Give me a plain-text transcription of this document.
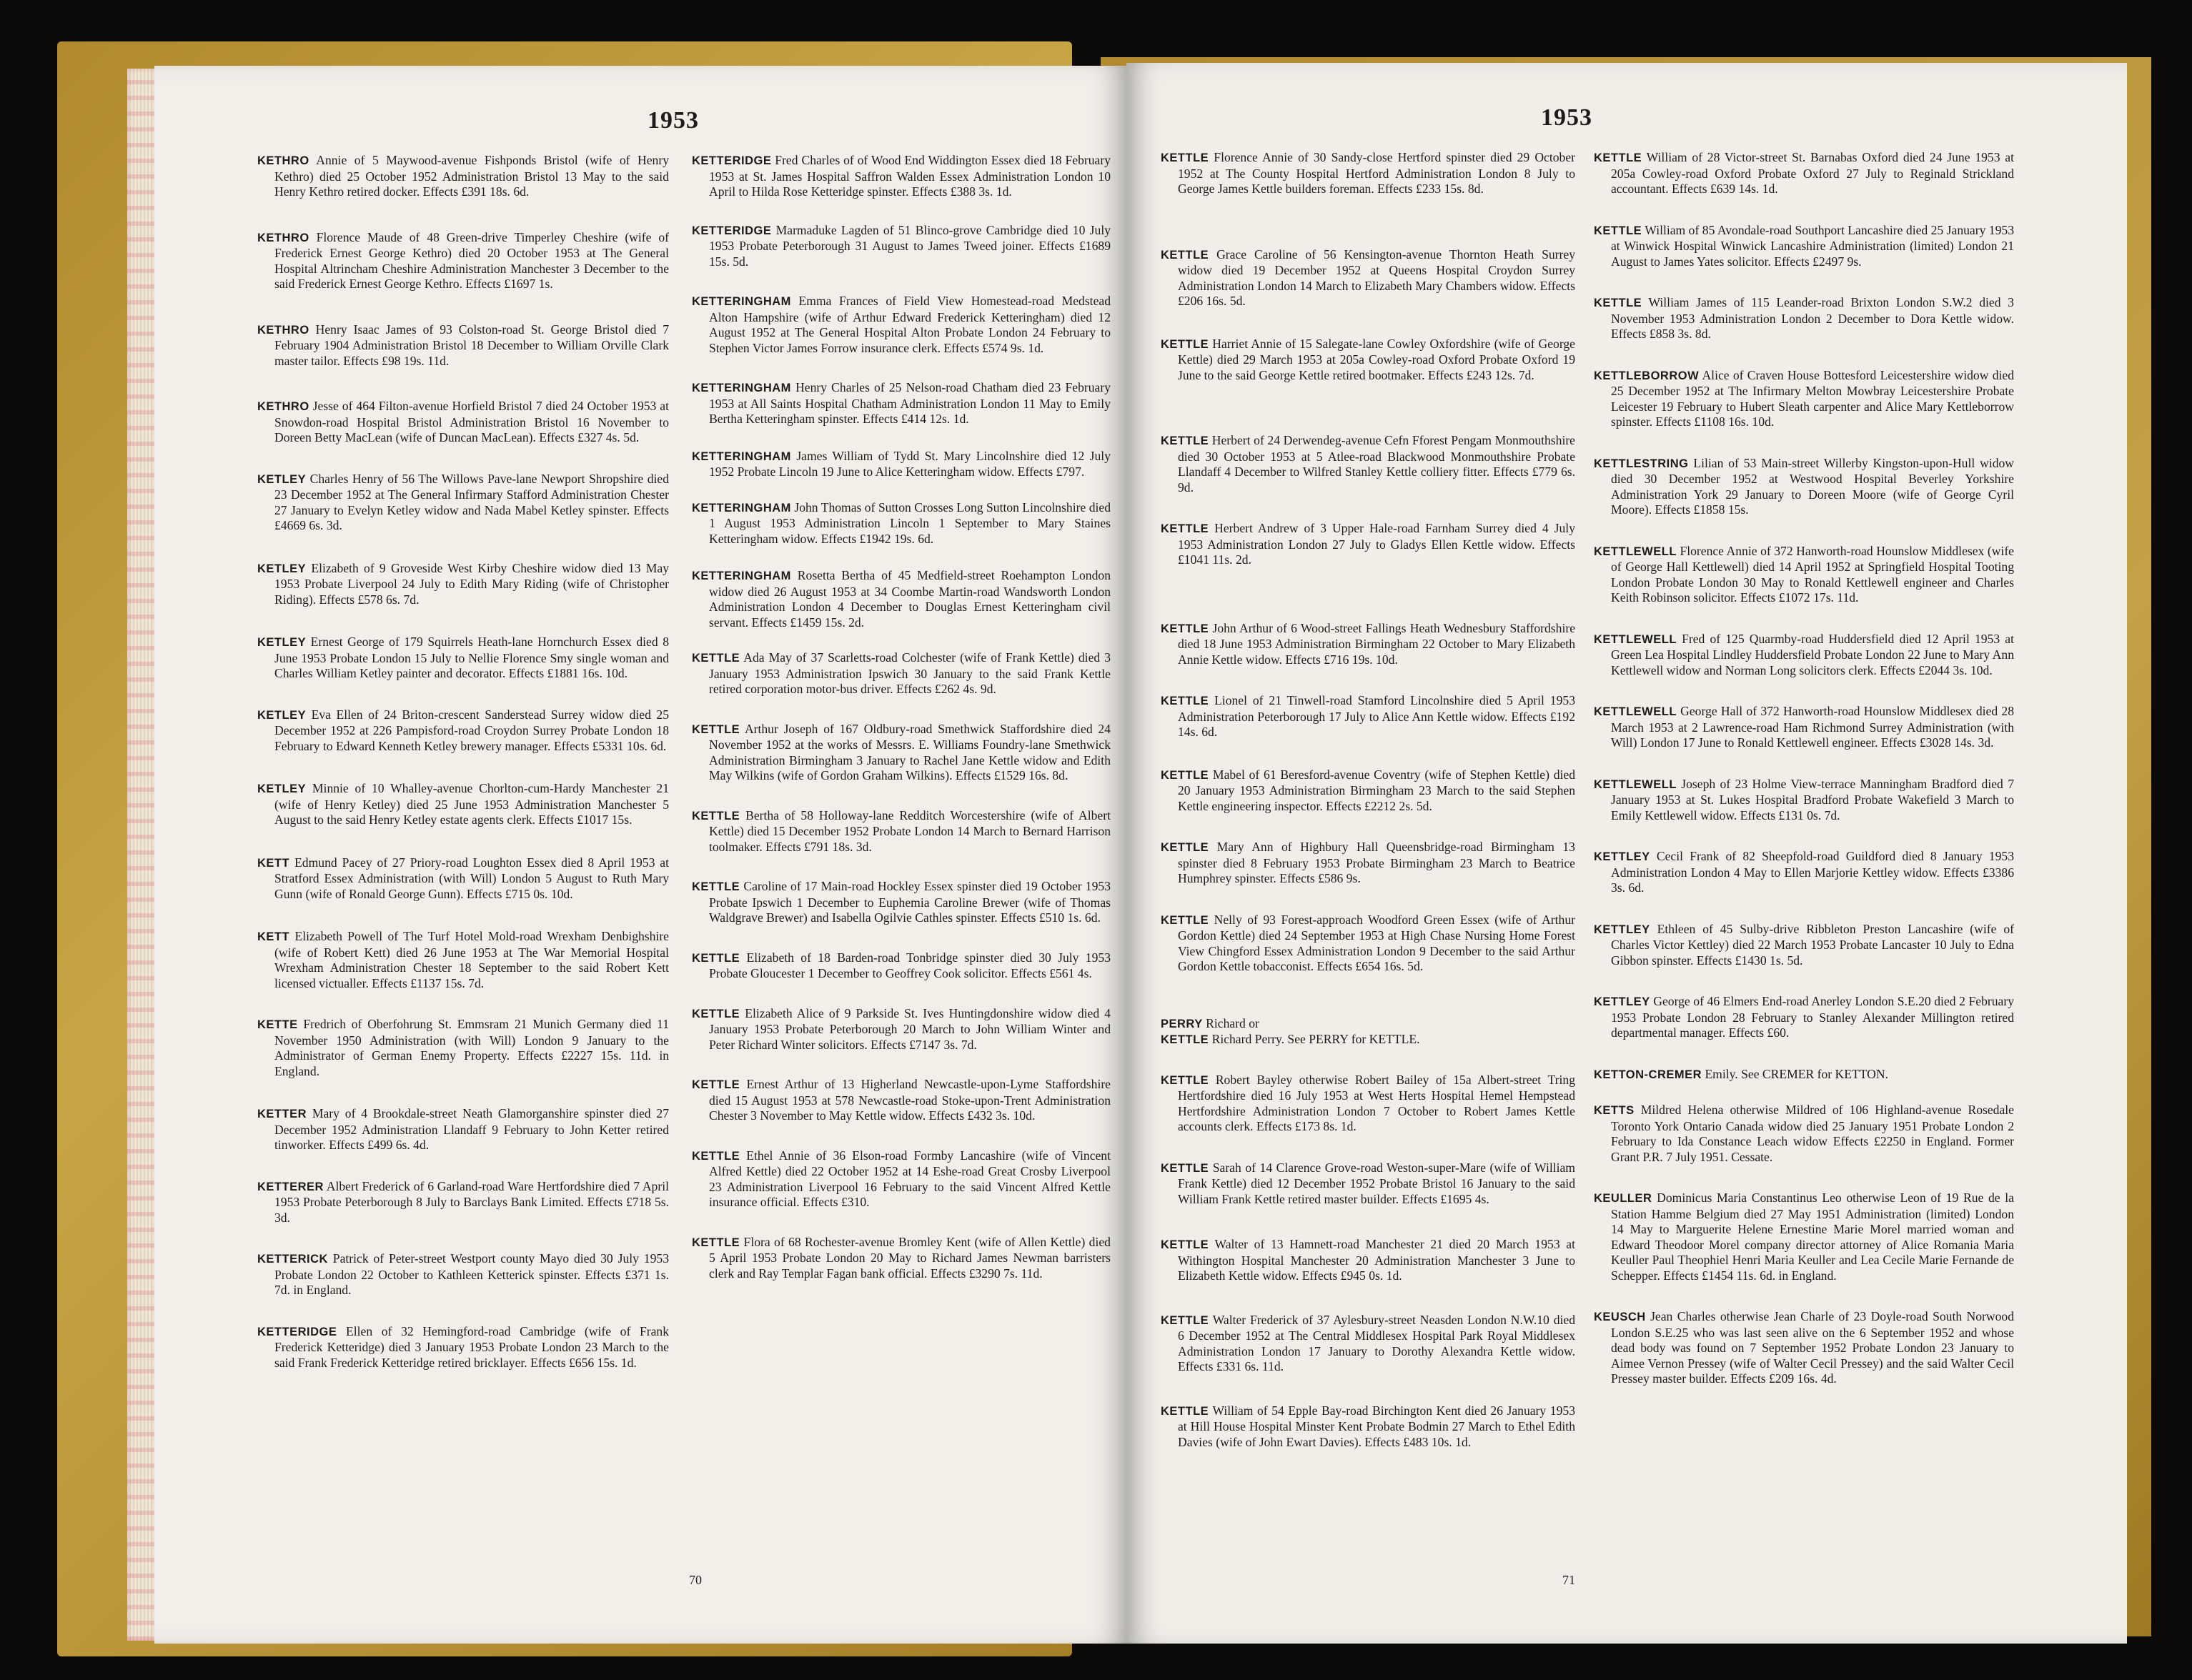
1953
KETHRO Annie of 5 Maywood-avenue Fishponds Bristol (wife of Henry Kethro) died 25 October 1952 Administration Bristol 13 May to the said Henry Kethro retired docker. Effects £391 18s. 6d.
KETHRO Florence Maude of 48 Green-drive Timperley Cheshire (wife of Frederick Ernest George Kethro) died 20 October 1953 at The General Hospital Altrincham Cheshire Administration Manchester 3 December to the said Frederick Ernest George Kethro. Effects £1697 1s.
KETHRO Henry Isaac James of 93 Colston-road St. George Bristol died 7 February 1904 Administration Bristol 18 December to William Orville Clark master tailor. Effects £98 19s. 11d.
KETHRO Jesse of 464 Filton-avenue Horfield Bristol 7 died 24 October 1953 at Snowdon-road Hospital Bristol Administration Bristol 16 November to Doreen Betty MacLean (wife of Duncan MacLean). Effects £327 4s. 5d.
KETLEY Charles Henry of 56 The Willows Pave-lane Newport Shropshire died 23 December 1952 at The General Infirmary Stafford Administration Chester 27 January to Evelyn Ketley widow and Nada Mabel Ketley spinster. Effects £4669 6s. 3d.
KETLEY Elizabeth of 9 Groveside West Kirby Cheshire widow died 13 May 1953 Probate Liverpool 24 July to Edith Mary Riding (wife of Christopher Riding). Effects £578 6s. 7d.
KETLEY Ernest George of 179 Squirrels Heath-lane Hornchurch Essex died 8 June 1953 Probate London 15 July to Nellie Florence Smy single woman and Charles William Ketley painter and decorator. Effects £1881 16s. 10d.
KETLEY Eva Ellen of 24 Briton-crescent Sanderstead Surrey widow died 25 December 1952 at 226 Pampisford-road Croydon Surrey Probate London 18 February to Edward Kenneth Ketley brewery manager. Effects £5331 10s. 6d.
KETLEY Minnie of 10 Whalley-avenue Chorlton-cum-Hardy Manchester 21 (wife of Henry Ketley) died 25 June 1953 Administration Manchester 5 August to the said Henry Ketley estate agents clerk. Effects £1017 15s.
KETT Edmund Pacey of 27 Priory-road Loughton Essex died 8 April 1953 at Stratford Essex Administration (with Will) London 5 August to Ruth Mary Gunn (wife of Ronald George Gunn). Effects £715 0s. 10d.
KETT Elizabeth Powell of The Turf Hotel Mold-road Wrexham Denbighshire (wife of Robert Kett) died 26 June 1953 at The War Memorial Hospital Wrexham Administration Chester 18 September to the said Robert Kett licensed victualler. Effects £1137 15s. 7d.
KETTE Fredrich of Oberfohrung St. Emmsram 21 Munich Germany died 11 November 1950 Administration (with Will) London 9 January to the Administrator of German Enemy Property. Effects £2227 15s. 11d. in England.
KETTER Mary of 4 Brookdale-street Neath Glamorganshire spinster died 27 December 1952 Administration Llandaff 9 February to John Ketter retired tinworker. Effects £499 6s. 4d.
KETTERER Albert Frederick of 6 Garland-road Ware Hertfordshire died 7 April 1953 Probate Peterborough 8 July to Barclays Bank Limited. Effects £718 5s. 3d.
KETTERICK Patrick of Peter-street Westport county Mayo died 30 July 1953 Probate London 22 October to Kathleen Ketterick spinster. Effects £371 1s. 7d. in England.
KETTERIDGE Ellen of 32 Hemingford-road Cambridge (wife of Frank Frederick Ketteridge) died 3 January 1953 Probate London 23 March to the said Frank Frederick Ketteridge retired bricklayer. Effects £656 15s. 1d.
KETTERIDGE Fred Charles of of Wood End Widdington Essex died 18 February 1953 at St. James Hospital Saffron Walden Essex Administration London 10 April to Hilda Rose Ketteridge spinster. Effects £388 3s. 1d.
KETTERIDGE Marmaduke Lagden of 51 Blinco-grove Cambridge died 10 July 1953 Probate Peterborough 31 August to James Tweed joiner. Effects £1689 15s. 5d.
KETTERINGHAM Emma Frances of Field View Homestead-road Medstead Alton Hampshire (wife of Arthur Edward Frederick Ketteringham) died 12 August 1952 at The General Hospital Alton Probate London 24 February to Stephen Victor James Forrow insurance clerk. Effects £574 9s. 1d.
KETTERINGHAM Henry Charles of 25 Nelson-road Chatham died 23 February 1953 at All Saints Hospital Chatham Administration London 11 May to Emily Bertha Ketteringham spinster. Effects £414 12s. 1d.
KETTERINGHAM James William of Tydd St. Mary Lincolnshire died 12 July 1952 Probate Lincoln 19 June to Alice Ketteringham widow. Effects £797.
KETTERINGHAM John Thomas of Sutton Crosses Long Sutton Lincolnshire died 1 August 1953 Administration Lincoln 1 September to Mary Staines Ketteringham widow. Effects £1942 19s. 6d.
KETTERINGHAM Rosetta Bertha of 45 Medfield-street Roehampton London widow died 26 August 1953 at 34 Coombe Martin-road Wandsworth London Administration London 4 December to Douglas Ernest Ketteringham civil servant. Effects £1459 15s. 2d.
KETTLE Ada May of 37 Scarletts-road Colchester (wife of Frank Kettle) died 3 January 1953 Administration Ipswich 30 January to the said Frank Kettle retired corporation motor-bus driver. Effects £262 4s. 9d.
KETTLE Arthur Joseph of 167 Oldbury-road Smethwick Staffordshire died 24 November 1952 at the works of Messrs. E. Williams Foundry-lane Smethwick Administration Birmingham 3 January to Rachel Jane Kettle widow and Edith May Wilkins (wife of Gordon Graham Wilkins). Effects £1529 16s. 8d.
KETTLE Bertha of 58 Holloway-lane Redditch Worcestershire (wife of Albert Kettle) died 15 December 1952 Probate London 14 March to Bernard Harrison toolmaker. Effects £791 18s. 3d.
KETTLE Caroline of 17 Main-road Hockley Essex spinster died 19 October 1953 Probate Ipswich 1 December to Euphemia Caroline Brewer (wife of Thomas Waldgrave Brewer) and Isabella Ogilvie Cathles spinster. Effects £510 1s. 6d.
KETTLE Elizabeth of 18 Barden-road Tonbridge spinster died 30 July 1953 Probate Gloucester 1 December to Geoffrey Cook solicitor. Effects £561 4s.
KETTLE Elizabeth Alice of 9 Parkside St. Ives Huntingdonshire widow died 4 January 1953 Probate Peterborough 20 March to John William Winter and Peter Richard Winter solicitors. Effects £7147 3s. 7d.
KETTLE Ernest Arthur of 13 Higherland Newcastle-upon-Lyme Staffordshire died 15 August 1953 at 578 Newcastle-road Stoke-upon-Trent Administration Chester 3 November to May Kettle widow. Effects £432 3s. 10d.
KETTLE Ethel Annie of 36 Elson-road Formby Lancashire (wife of Vincent Alfred Kettle) died 22 October 1952 at 14 Eshe-road Great Crosby Liverpool 23 Administration Liverpool 16 February to the said Vincent Alfred Kettle insurance official. Effects £310.
KETTLE Flora of 68 Rochester-avenue Bromley Kent (wife of Allen Kettle) died 5 April 1953 Probate London 20 May to Richard James Newman barristers clerk and Ray Templar Fagan bank official. Effects £3290 7s. 11d.
70
1953
KETTLE Florence Annie of 30 Sandy-close Hertford spinster died 29 October 1952 at The County Hospital Hertford Administration London 8 July to George James Kettle builders foreman. Effects £233 15s. 8d.
KETTLE Grace Caroline of 56 Kensington-avenue Thornton Heath Surrey widow died 19 December 1952 at Queens Hospital Croydon Surrey Administration London 14 March to Elizabeth Mary Chambers widow. Effects £206 16s. 5d.
KETTLE Harriet Annie of 15 Salegate-lane Cowley Oxfordshire (wife of George Kettle) died 29 March 1953 at 205a Cowley-road Oxford Probate Oxford 19 June to the said George Kettle retired bootmaker. Effects £243 12s. 7d.
KETTLE Herbert of 24 Derwendeg-avenue Cefn Fforest Pengam Monmouthshire died 30 October 1953 at 5 Atlee-road Blackwood Monmouthshire Probate Llandaff 4 December to Wilfred Stanley Kettle colliery fitter. Effects £779 6s. 9d.
KETTLE Herbert Andrew of 3 Upper Hale-road Farnham Surrey died 4 July 1953 Administration London 27 July to Gladys Ellen Kettle widow. Effects £1041 11s. 2d.
KETTLE John Arthur of 6 Wood-street Fallings Heath Wednesbury Staffordshire died 18 June 1953 Administration Birmingham 22 October to Mary Elizabeth Annie Kettle widow. Effects £716 19s. 10d.
KETTLE Lionel of 21 Tinwell-road Stamford Lincolnshire died 5 April 1953 Administration Peterborough 17 July to Alice Ann Kettle widow. Effects £192 14s. 6d.
KETTLE Mabel of 61 Beresford-avenue Coventry (wife of Stephen Kettle) died 20 January 1953 Administration Birmingham 23 March to the said Stephen Kettle engineering inspector. Effects £2212 2s. 5d.
KETTLE Mary Ann of Highbury Hall Queensbridge-road Birmingham 13 spinster died 8 February 1953 Probate Birmingham 23 March to Beatrice Humphrey spinster. Effects £586 9s.
KETTLE Nelly of 93 Forest-approach Woodford Green Essex (wife of Arthur Gordon Kettle) died 24 September 1953 at High Chase Nursing Home Forest View Chingford Essex Administration London 9 December to the said Arthur Gordon Kettle tobacconist. Effects £654 16s. 5d.
PERRY Richard or
KETTLE Richard Perry. See PERRY for KETTLE.
KETTLE Robert Bayley otherwise Robert Bailey of 15a Albert-street Tring Hertfordshire died 16 July 1953 at West Herts Hospital Hemel Hempstead Hertfordshire Administration London 7 October to Robert James Kettle accounts clerk. Effects £173 8s. 1d.
KETTLE Sarah of 14 Clarence Grove-road Weston-super-Mare (wife of William Frank Kettle) died 12 December 1952 Probate Bristol 16 January to the said William Frank Kettle retired master builder. Effects £1695 4s.
KETTLE Walter of 13 Hamnett-road Manchester 21 died 20 March 1953 at Withington Hospital Manchester 20 Administration Manchester 3 June to Elizabeth Kettle widow. Effects £945 0s. 1d.
KETTLE Walter Frederick of 37 Aylesbury-street Neasden London N.W.10 died 6 December 1952 at The Central Middlesex Hospital Park Royal Middlesex Administration London 17 January to Dorothy Alexandra Kettle widow. Effects £331 6s. 11d.
KETTLE William of 54 Epple Bay-road Birchington Kent died 26 January 1953 at Hill House Hospital Minster Kent Probate Bodmin 27 March to Ethel Edith Davies (wife of John Ewart Davies). Effects £483 10s. 1d.
KETTLE William of 28 Victor-street St. Barnabas Oxford died 24 June 1953 at 205a Cowley-road Oxford Probate Oxford 27 July to Reginald Strickland accountant. Effects £639 14s. 1d.
KETTLE William of 85 Avondale-road Southport Lancashire died 25 January 1953 at Winwick Hospital Winwick Lancashire Administration (limited) London 21 August to James Yates solicitor. Effects £2497 9s.
KETTLE William James of 115 Leander-road Brixton London S.W.2 died 3 November 1953 Administration London 2 December to Dora Kettle widow. Effects £858 3s. 8d.
KETTLEBORROW Alice of Craven House Bottesford Leicestershire widow died 25 December 1952 at The Infirmary Melton Mowbray Leicestershire Probate Leicester 19 February to Hubert Sleath carpenter and Alice Mary Kettleborrow spinster. Effects £1108 16s. 10d.
KETTLESTRING Lilian of 53 Main-street Willerby Kingston-upon-Hull widow died 30 December 1952 at Westwood Hospital Beverley Yorkshire Administration York 29 January to Doreen Moore (wife of George Cyril Moore). Effects £1858 15s.
KETTLEWELL Florence Annie of 372 Hanworth-road Hounslow Middlesex (wife of George Hall Kettlewell) died 14 April 1952 at Springfield Hospital Tooting London Probate London 30 May to Ronald Kettlewell engineer and Charles Keith Robinson solicitor. Effects £1072 17s. 11d.
KETTLEWELL Fred of 125 Quarmby-road Huddersfield died 12 April 1953 at Green Lea Hospital Lindley Huddersfield Probate London 22 June to Mary Ann Kettlewell widow and Norman Long solicitors clerk. Effects £2044 3s. 10d.
KETTLEWELL George Hall of 372 Hanworth-road Hounslow Middlesex died 28 March 1953 at 2 Lawrence-road Ham Richmond Surrey Administration (with Will) London 17 June to Ronald Kettlewell engineer. Effects £3028 14s. 3d.
KETTLEWELL Joseph of 23 Holme View-terrace Manningham Bradford died 7 January 1953 at St. Lukes Hospital Bradford Probate Wakefield 3 March to Emily Kettlewell widow. Effects £131 0s. 7d.
KETTLEY Cecil Frank of 82 Sheepfold-road Guildford died 8 January 1953 Administration London 4 May to Ellen Marjorie Kettley widow. Effects £3386 3s. 6d.
KETTLEY Ethleen of 45 Sulby-drive Ribbleton Preston Lancashire (wife of Charles Victor Kettley) died 22 March 1953 Probate Lancaster 10 July to Edna Gibbon spinster. Effects £1430 1s. 5d.
KETTLEY George of 46 Elmers End-road Anerley London S.E.20 died 2 February 1953 Probate London 28 February to Stanley Alexander Millington retired departmental manager. Effects £60.
KETTON-CREMER Emily. See CREMER for KETTON.
KETTS Mildred Helena otherwise Mildred of 106 Highland-avenue Rosedale Toronto York Ontario Canada widow died 25 January 1951 Probate London 2 February to Ida Constance Leach widow Effects £2250 in England. Former Grant P.R. 7 July 1951. Cessate.
KEULLER Dominicus Maria Constantinus Leo otherwise Leon of 19 Rue de la Station Hamme Belgium died 27 May 1951 Administration (limited) London 14 May to Marguerite Helene Ernestine Marie Morel married woman and Edward Theodoor Morel company director attorney of Alice Romania Maria Keuller Paul Theophiel Henri Maria Keuller and Lea Cecile Marie Fernande de Schepper. Effects £1454 11s. 6d. in England.
KEUSCH Jean Charles otherwise Jean Charle of 23 Doyle-road South Norwood London S.E.25 who was last seen alive on the 6 September 1952 and whose dead body was found on 7 September 1952 Probate London 23 January to Aimee Vernon Pressey (wife of Walter Cecil Pressey) and the said Walter Cecil Pressey master builder. Effects £209 16s. 4d.
71
